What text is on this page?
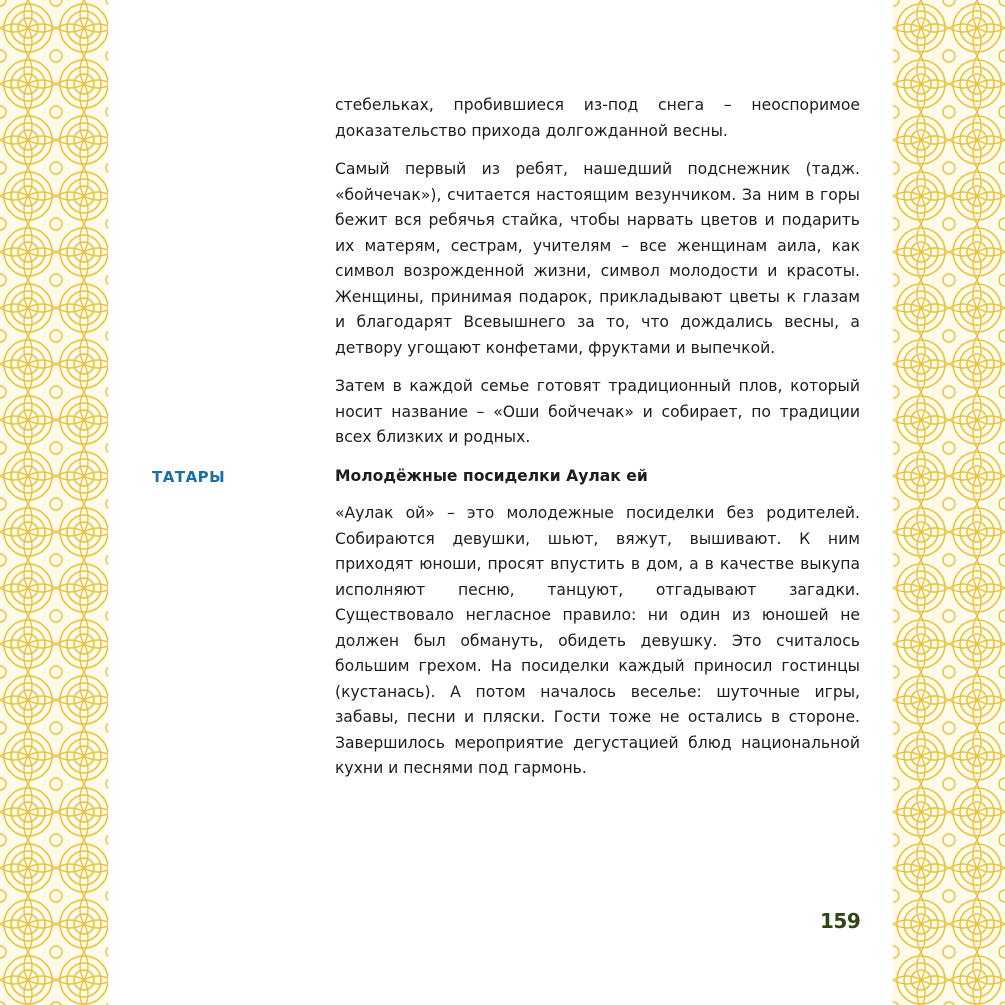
ТАТАРЫ

стебельках, пробившиеся из-под снега – неоспоримое доказательство прихода долгожданной весны.

Самый первый из ребят, нашедший подснежник (тадж. «бойчечак»), считается настоящим везунчиком. За ним в горы бежит вся ребячья стайка, чтобы нарвать цветов и подарить их матерям, сестрам, учителям – все женщинам аила, как символ возрожденной жизни, символ молодости и красоты. Женщины, принимая подарок, прикладывают цветы к глазам и благодарят Всевышнего за то, что дождались весны, а детвору угощают конфетами, фруктами и выпечкой.

Затем в каждой семье готовят традиционный плов, который носит название – «Оши бойчечак» и собирает, по традиции всех близких и родных.

Молодёжные посиделки Аулак ей

«Аулак ой» – это молодежные посиделки без родителей. Собираются девушки, шьют, вяжут, вышивают. К ним приходят юноши, просят впустить в дом, а в качестве выкупа исполняют песню, танцуют, отгадывают загадки. Существовало негласное правило: ни один из юношей не должен был обмануть, обидеть девушку. Это считалось большим грехом. На посиделки каждый приносил гостинцы (кустанась). А потом началось веселье: шуточные игры, забавы, песни и пляски. Гости тоже не остались в стороне. Завершилось мероприятие дегустацией блюд национальной кухни и песнями под гармонь.

159
